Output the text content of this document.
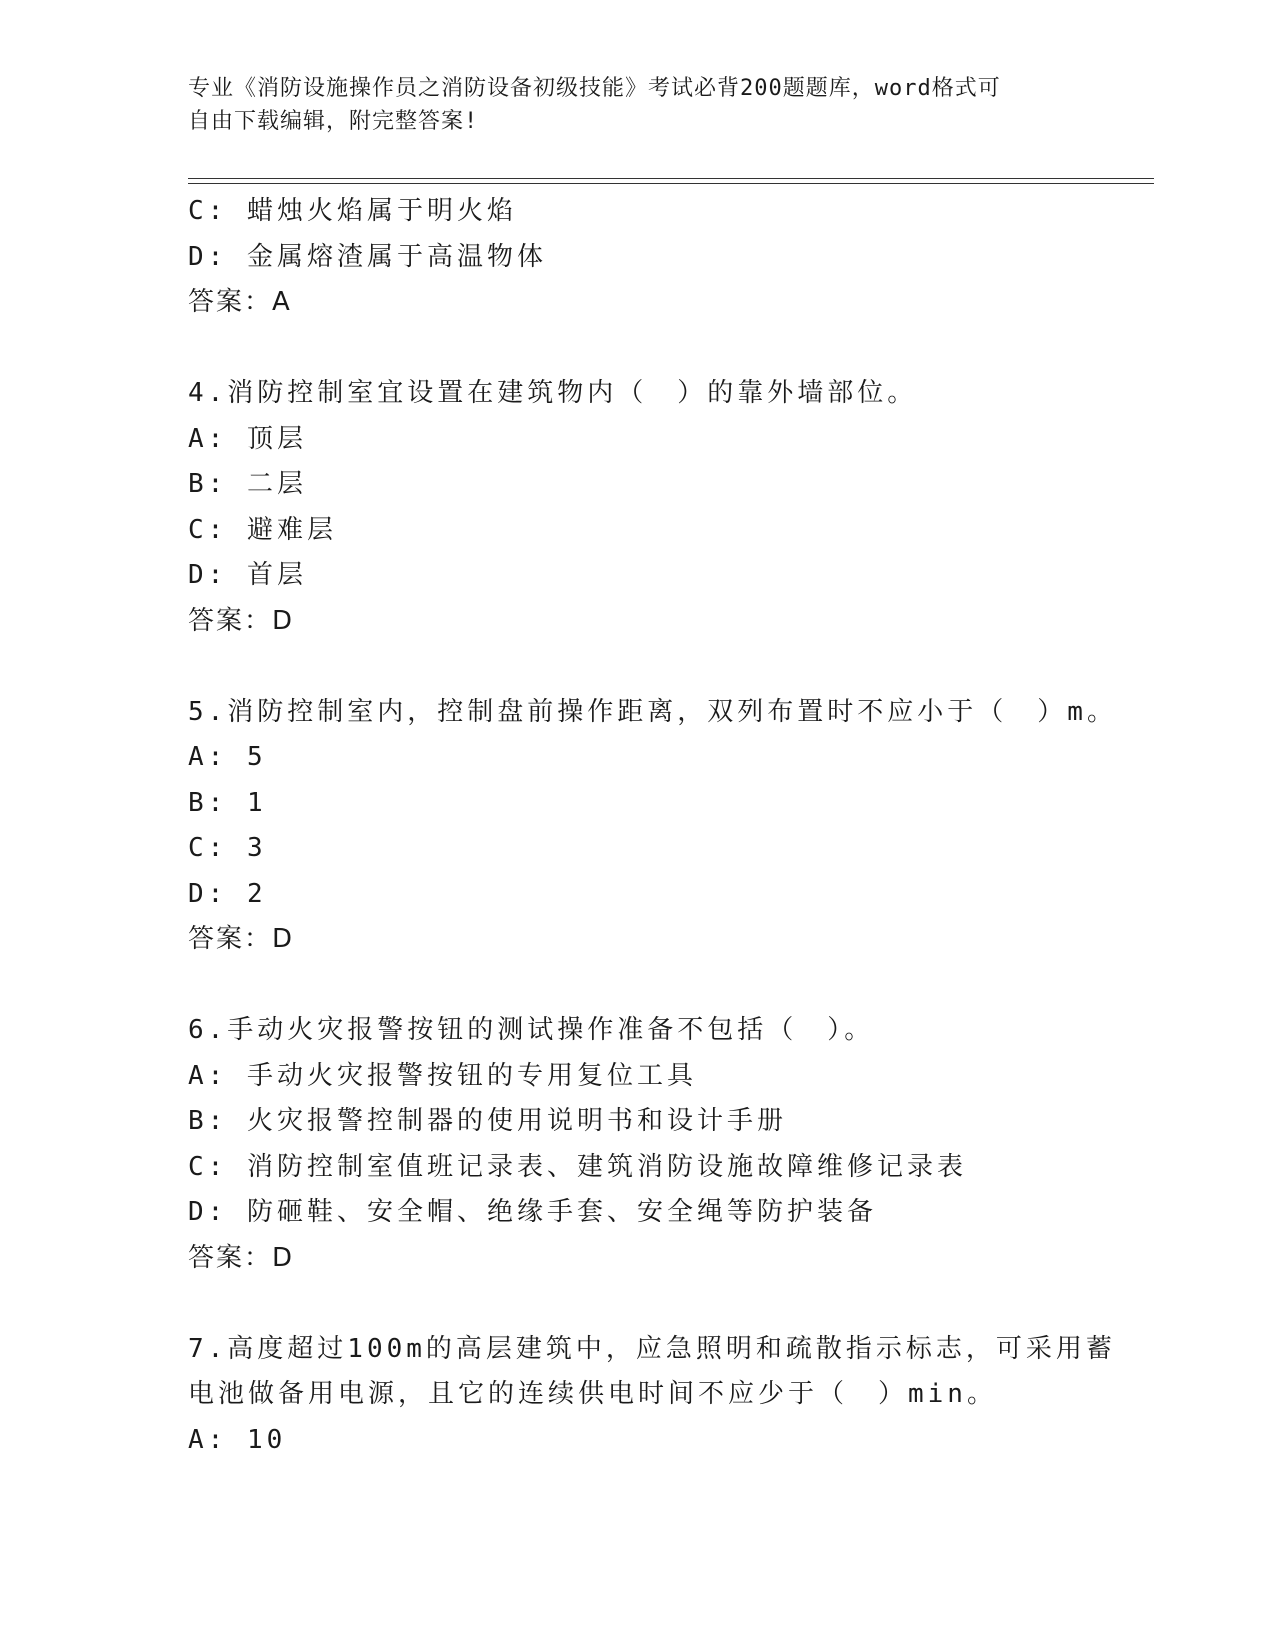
专业《消防设施操作员之消防设备初级技能》考试必背200题题库，word格式可
自由下载编辑，附完整答案!
C: 蜡烛火焰属于明火焰
D: 金属熔渣属于高温物体
答案：A
4.消防控制室宜设置在建筑物内（　）的靠外墙部位。
A: 顶层
B: 二层
C: 避难层
D: 首层
答案：D
5.消防控制室内，控制盘前操作距离，双列布置时不应小于（　）m。
A: 5
B: 1
C: 3
D: 2
答案：D
6.手动火灾报警按钮的测试操作准备不包括（　）。
A: 手动火灾报警按钮的专用复位工具
B: 火灾报警控制器的使用说明书和设计手册
C: 消防控制室值班记录表、建筑消防设施故障维修记录表
D: 防砸鞋、安全帽、绝缘手套、安全绳等防护装备
答案：D
7.高度超过100m的高层建筑中，应急照明和疏散指示标志，可采用蓄
电池做备用电源，且它的连续供电时间不应少于（　）min。
A: 10
